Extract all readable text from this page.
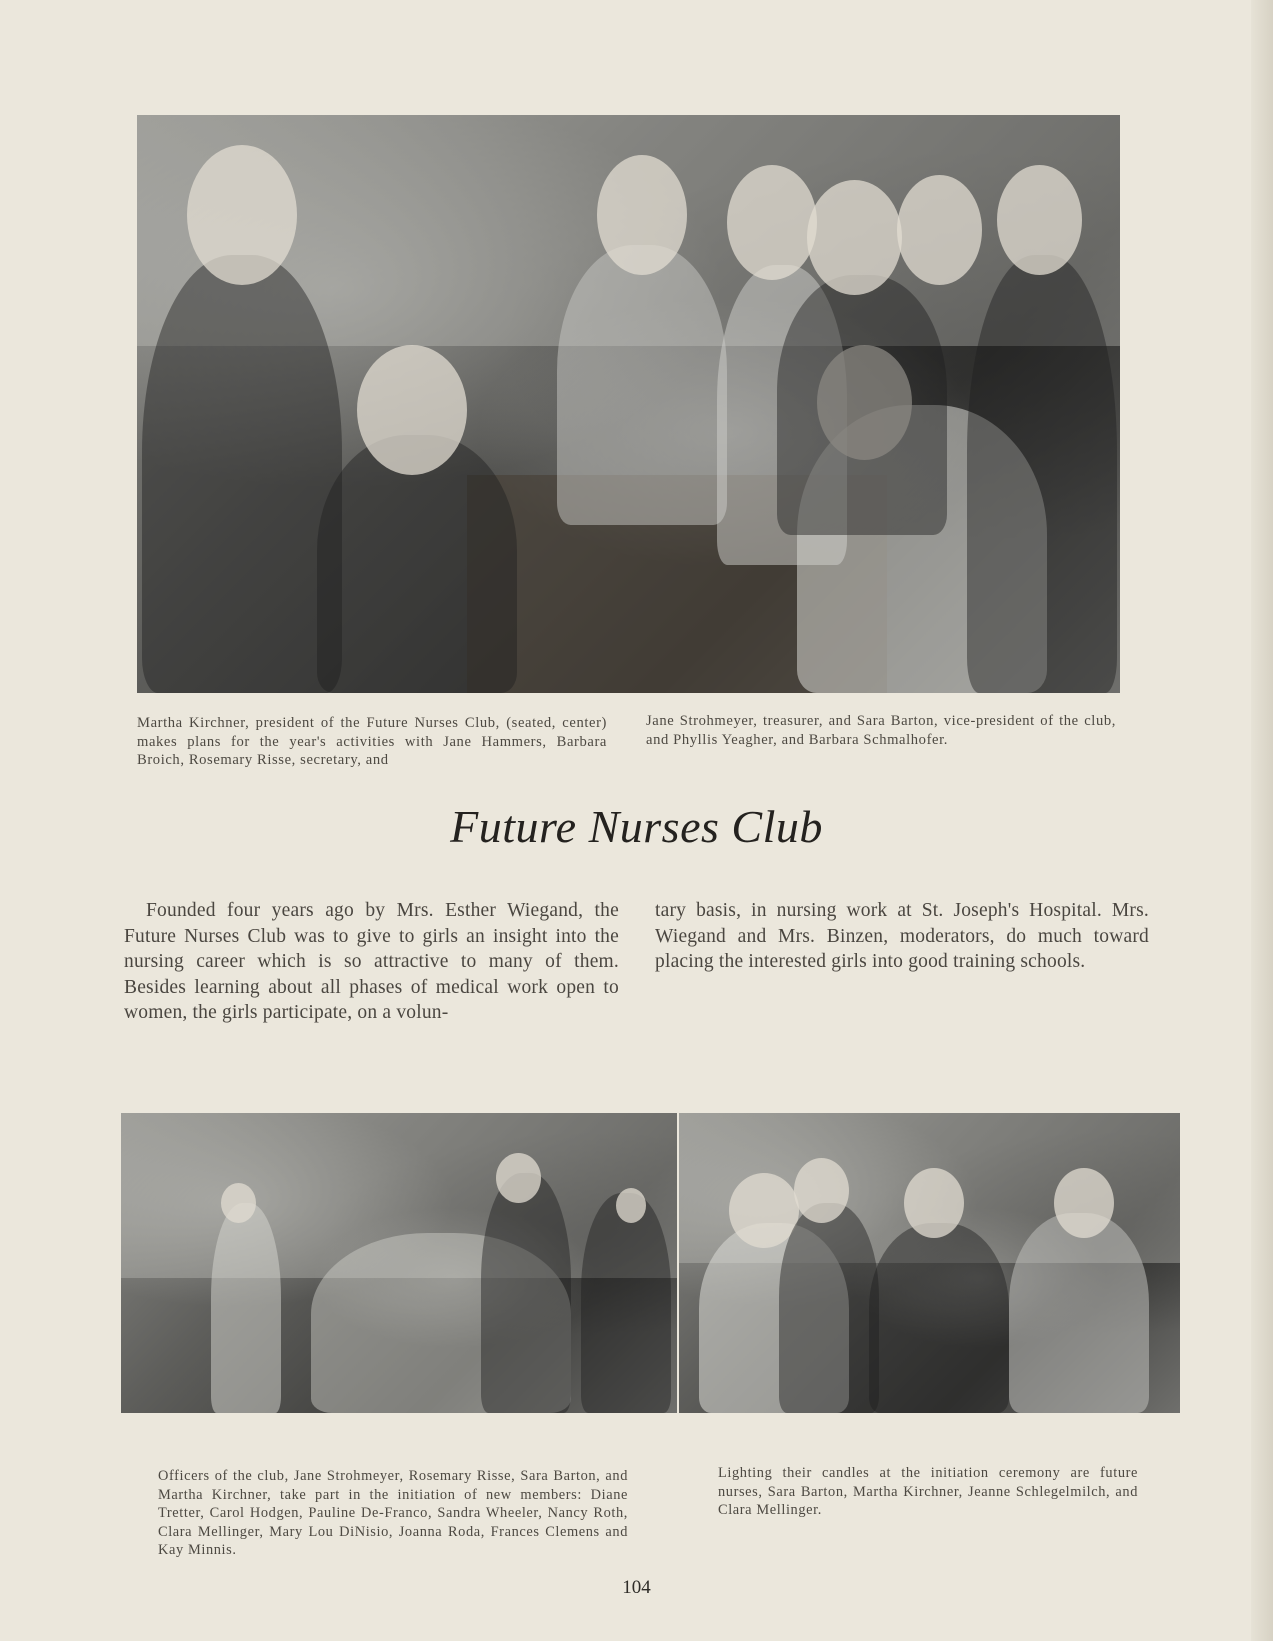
Martha Kirchner, president of the Future Nurses Club, (seated, center) makes plans for the year's activities with Jane Hammers, Barbara Broich, Rosemary Risse, secretary, and
Jane Strohmeyer, treasurer, and Sara Barton, vice-president of the club, and Phyllis Yeagher, and Barbara Schmalhofer.
Future Nurses Club
Founded four years ago by Mrs. Esther Wiegand, the Future Nurses Club was to give to girls an insight into the nursing career which is so attractive to many of them. Besides learning about all phases of medical work open to women, the girls participate, on a volun-
tary basis, in nursing work at St. Joseph's Hospital. Mrs. Wiegand and Mrs. Binzen, moderators, do much toward placing the interested girls into good training schools.
Officers of the club, Jane Strohmeyer, Rosemary Risse, Sara Barton, and Martha Kirchner, take part in the initiation of new members: Diane Tretter, Carol Hodgen, Pauline De-Franco, Sandra Wheeler, Nancy Roth, Clara Mellinger, Mary Lou DiNisio, Joanna Roda, Frances Clemens and Kay Minnis.
Lighting their candles at the initiation ceremony are future nurses, Sara Barton, Martha Kirchner, Jeanne Schlegelmilch, and Clara Mellinger.
104
